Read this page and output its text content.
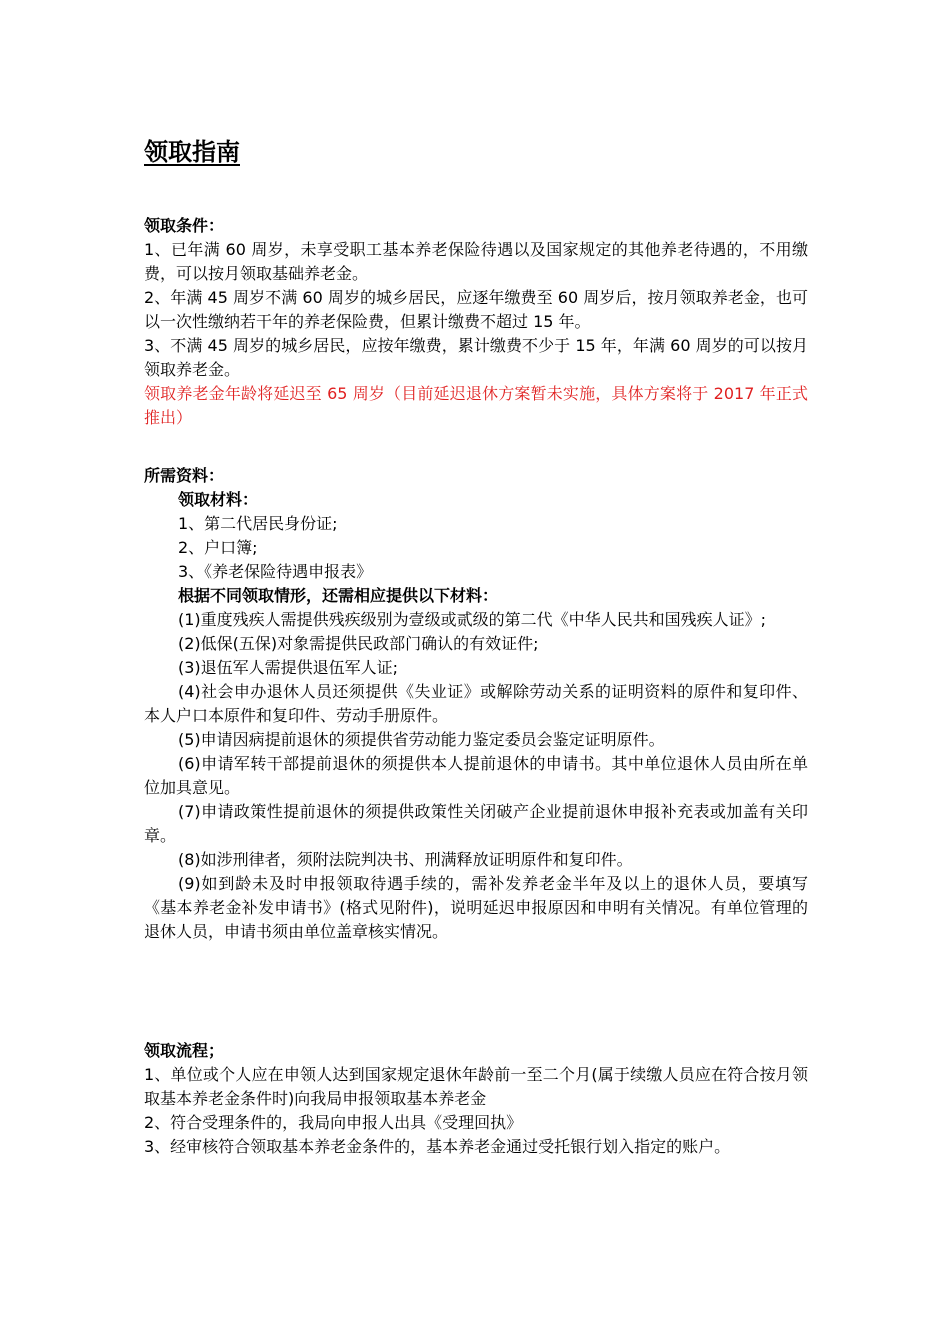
领取指南

领取条件：

1、已年满 60 周岁，未享受职工基本养老保险待遇以及国家规定的其他养老待遇的，不用缴费，可以按月领取基础养老金。

2、年满 45 周岁不满 60 周岁的城乡居民，应逐年缴费至 60 周岁后，按月领取养老金，也可以一次性缴纳若干年的养老保险费，但累计缴费不超过 15 年。

3、不满 45 周岁的城乡居民，应按年缴费，累计缴费不少于 15 年，年满 60 周岁的可以按月领取养老金。

领取养老金年龄将延迟至 65 周岁（目前延迟退休方案暂未实施，具体方案将于 2017 年正式推出）

所需资料：

领取材料：

1、第二代居民身份证;

2、户口簿;

3、《养老保险待遇申报表》

根据不同领取情形，还需相应提供以下材料：

(1)重度残疾人需提供残疾级别为壹级或贰级的第二代《中华人民共和国残疾人证》;

(2)低保(五保)对象需提供民政部门确认的有效证件;

(3)退伍军人需提供退伍军人证;

(4)社会申办退休人员还须提供《失业证》或解除劳动关系的证明资料的原件和复印件、本人户口本原件和复印件、劳动手册原件。

(5)申请因病提前退休的须提供省劳动能力鉴定委员会鉴定证明原件。

(6)申请军转干部提前退休的须提供本人提前退休的申请书。其中单位退休人员由所在单位加具意见。

(7)申请政策性提前退休的须提供政策性关闭破产企业提前退休申报补充表或加盖有关印章。

(8)如涉刑律者，须附法院判决书、刑满释放证明原件和复印件。

(9)如到龄未及时申报领取待遇手续的，需补发养老金半年及以上的退休人员，要填写《基本养老金补发申请书》(格式见附件)，说明延迟申报原因和申明有关情况。有单位管理的退休人员，申请书须由单位盖章核实情况。

领取流程；

1、单位或个人应在申领人达到国家规定退休年龄前一至二个月(属于续缴人员应在符合按月领取基本养老金条件时)向我局申报领取基本养老金

2、符合受理条件的，我局向申报人出具《受理回执》

3、经审核符合领取基本养老金条件的，基本养老金通过受托银行划入指定的账户。
